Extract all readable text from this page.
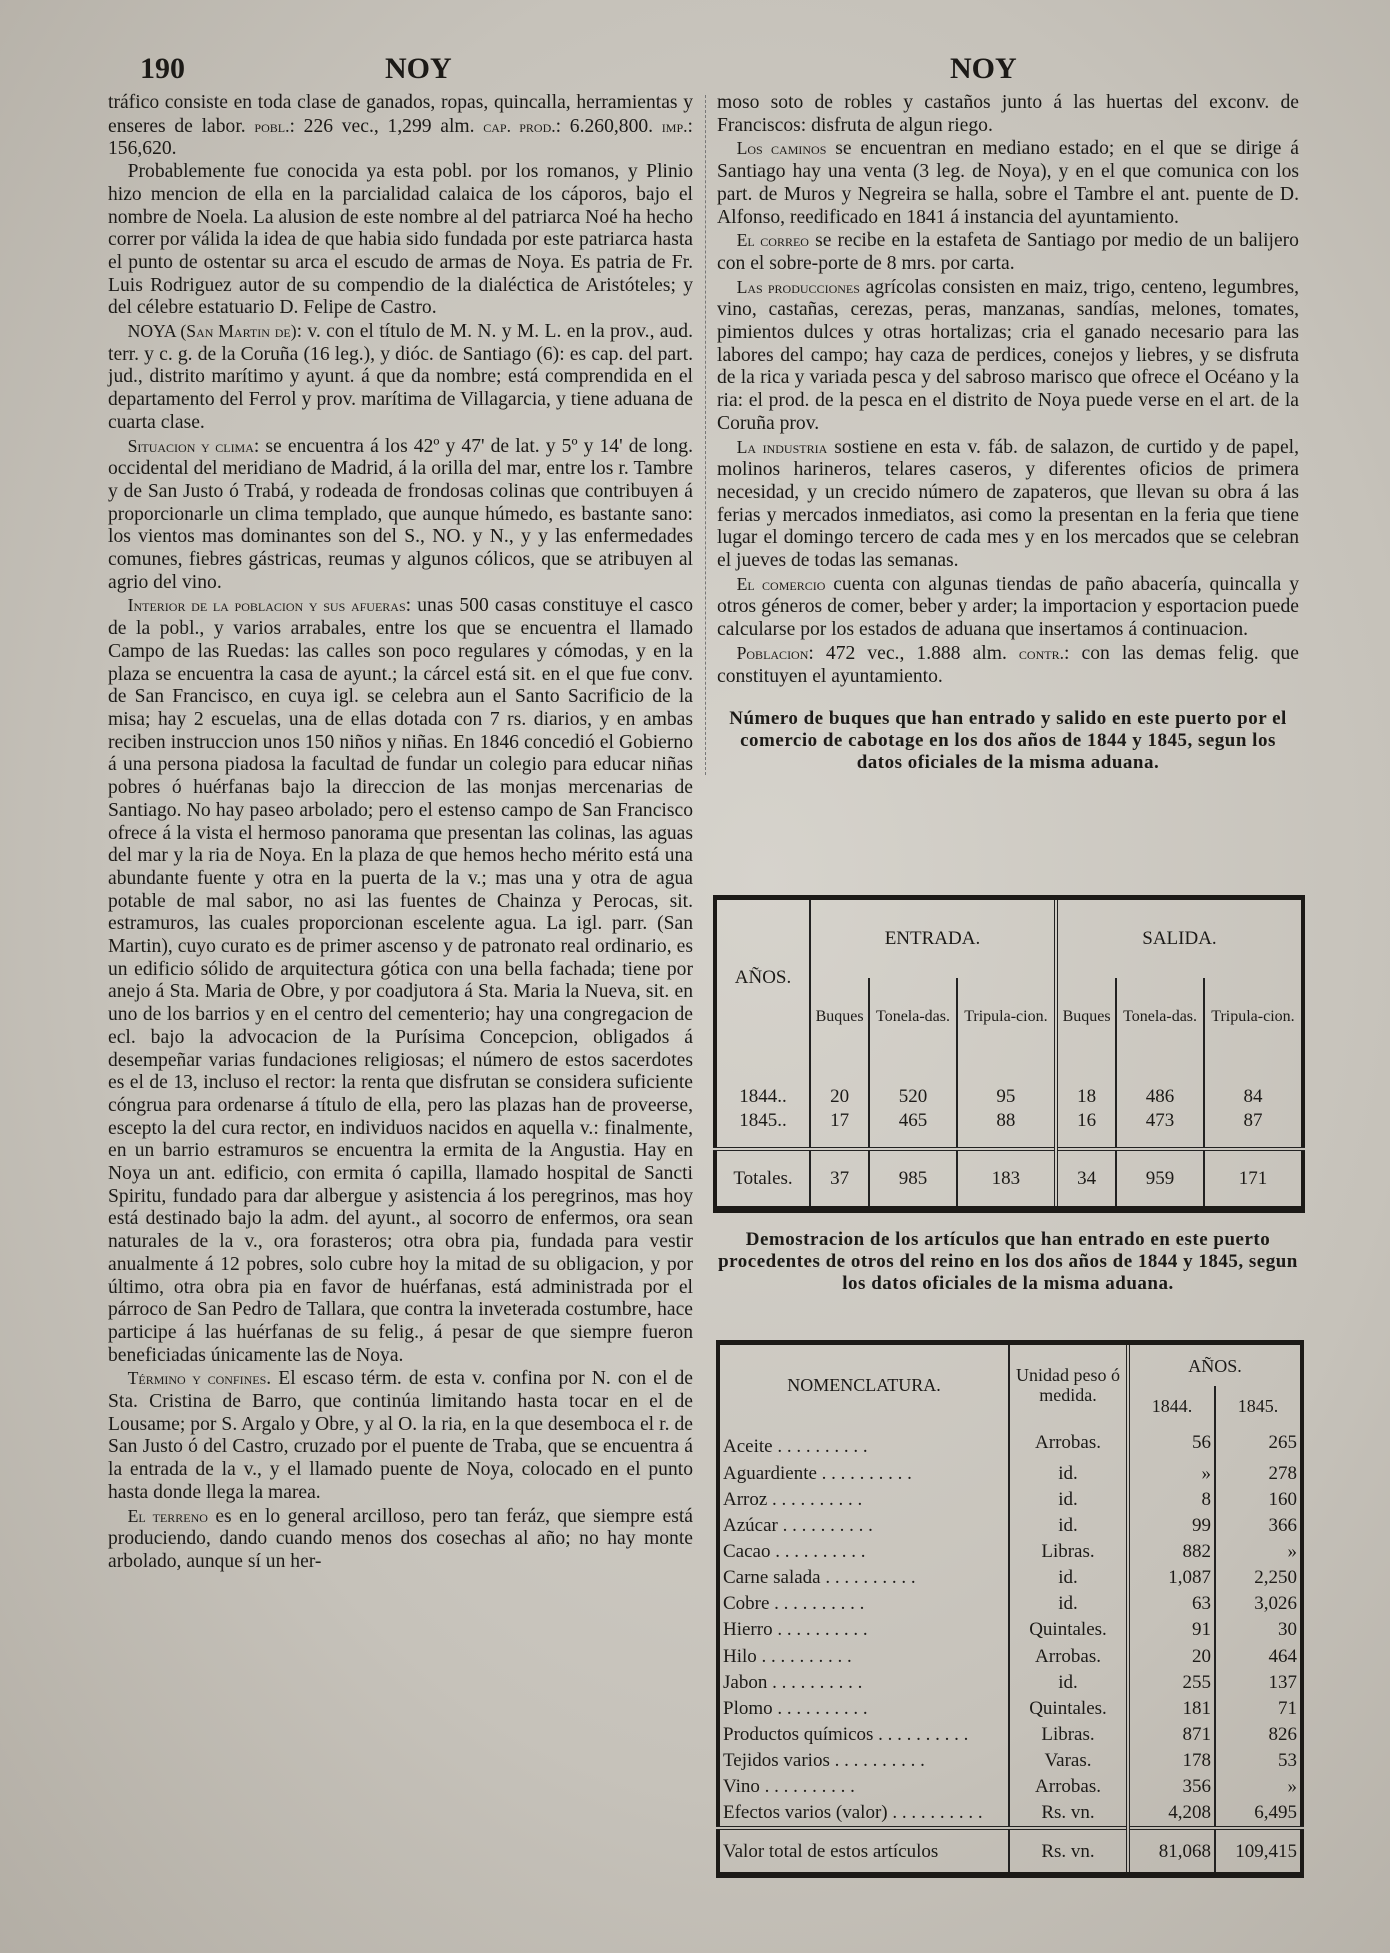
190	NOY	NOY

tráfico consiste en toda clase de ganados, ropas, quincalla, herramientas y enseres de labor. pobl.: 226 vec., 1,299 alm. cap. prod.: 6.260,800. imp.: 156,620.

 Probablemente fue conocida ya esta pobl. por los romanos, y Plinio hizo mencion de ella en la parcialidad calaica de los cáporos, bajo el nombre de Noela. La alusion de este nombre al del patriarca Noé ha hecho correr por válida la idea de que habia sido fundada por este patriarca hasta el punto de ostentar su arca el escudo de armas de Noya. Es patria de Fr. Luis Rodriguez autor de su compendio de la dialéctica de Aristóteles; y del célebre estatuario D. Felipe de Castro.

 NOYA (San Martin de): v. con el título de M. N. y M. L. en la prov., aud. terr. y c. g. de la Coruña (16 leg.), y dióc. de Santiago (6): es cap. del part. jud., distrito marítimo y ayunt. á que da nombre; está comprendida en el departamento del Ferrol y prov. marítima de Villagarcia, y tiene aduana de cuarta clase.

 Situacion y clima: se encuentra á los 42º y 47' de lat. y 5º y 14' de long. occidental del meridiano de Madrid, á la orilla del mar, entre los r. Tambre y de San Justo ó Trabá, y rodeada de frondosas colinas que contribuyen á proporcionarle un clima templado, que aunque húmedo, es bastante sano: los vientos mas dominantes son del S., NO. y N., y y las enfermedades comunes, fiebres gástricas, reumas y algunos cólicos, que se atribuyen al agrio del vino.

 Interior de la poblacion y sus afueras: unas 500 casas constituye el casco de la pobl., y varios arrabales, entre los que se encuentra el llamado Campo de las Ruedas: las calles son poco regulares y cómodas, y en la plaza se encuentra la casa de ayunt.; la cárcel está sit. en el que fue conv. de San Francisco, en cuya igl. se celebra aun el Santo Sacrificio de la misa; hay 2 escuelas, una de ellas dotada con 7 rs. diarios, y en ambas reciben instruccion unos 150 niños y niñas. En 1846 concedió el Gobierno á una persona piadosa la facultad de fundar un colegio para educar niñas pobres ó huérfanas bajo la direccion de las monjas mercenarias de Santiago. No hay paseo arbolado; pero el estenso campo de San Francisco ofrece á la vista el hermoso panorama que presentan las colinas, las aguas del mar y la ria de Noya. En la plaza de que hemos hecho mérito está una abundante fuente y otra en la puerta de la v.; mas una y otra de agua potable de mal sabor, no asi las fuentes de Chainza y Perocas, sit. estramuros, las cuales proporcionan escelente agua. La igl. parr. (San Martin), cuyo curato es de primer ascenso y de patronato real ordinario, es un edificio sólido de arquitectura gótica con una bella fachada; tiene por anejo á Sta. Maria de Obre, y por coadjutora á Sta. Maria la Nueva, sit. en uno de los barrios y en el centro del cementerio; hay una congregacion de ecl. bajo la advocacion de la Purísima Concepcion, obligados á desempeñar varias fundaciones religiosas; el número de estos sacerdotes es el de 13, incluso el rector: la renta que disfrutan se considera suficiente cóngrua para ordenarse á título de ella, pero las plazas han de proveerse, escepto la del cura rector, en individuos nacidos en aquella v.: finalmente, en un barrio estramuros se encuentra la ermita de la Angustia. Hay en Noya un ant. edificio, con ermita ó capilla, llamado hospital de Sancti Spiritu, fundado para dar albergue y asistencia á los peregrinos, mas hoy está destinado bajo la adm. del ayunt., al socorro de enfermos, ora sean naturales de la v., ora forasteros; otra obra pia, fundada para vestir anualmente á 12 pobres, solo cubre hoy la mitad de su obligacion, y por último, otra obra pia en favor de huérfanas, está administrada por el párroco de San Pedro de Tallara, que contra la inveterada costumbre, hace participe á las huérfanas de su felig., á pesar de que siempre fueron beneficiadas únicamente las de Noya.

 Término y confines. El escaso térm. de esta v. confina por N. con el de Sta. Cristina de Barro, que continúa limitando hasta tocar en el de Lousame; por S. Argalo y Obre, y al O. la ria, en la que desemboca el r. de San Justo ó del Castro, cruzado por el puente de Traba, que se encuentra á la entrada de la v., y el llamado puente de Noya, colocado en el punto hasta donde llega la marea.

 El terreno es en lo general arcilloso, pero tan feráz, que siempre está produciendo, dando cuando menos dos cosechas al año; no hay monte arbolado, aunque sí un her-

moso soto de robles y castaños junto á las huertas del exconv. de Franciscos: disfruta de algun riego.

 Los caminos se encuentran en mediano estado; en el que se dirige á Santiago hay una venta (3 leg. de Noya), y en el que comunica con los part. de Muros y Negreira se halla, sobre el Tambre el ant. puente de D. Alfonso, reedificado en 1841 á instancia del ayuntamiento.

 El correo se recibe en la estafeta de Santiago por medio de un balijero con el sobre-porte de 8 mrs. por carta.

 Las producciones agrícolas consisten en maiz, trigo, centeno, legumbres, vino, castañas, cerezas, peras, manzanas, sandías, melones, tomates, pimientos dulces y otras hortalizas; cria el ganado necesario para las labores del campo; hay caza de perdices, conejos y liebres, y se disfruta de la rica y variada pesca y del sabroso marisco que ofrece el Océano y la ria: el prod. de la pesca en el distrito de Noya puede verse en el art. de la Coruña prov.

 La industria sostiene en esta v. fáb. de salazon, de curtido y de papel, molinos harineros, telares caseros, y diferentes oficios de primera necesidad, y un crecido número de zapateros, que llevan su obra á las ferias y mercados inmediatos, asi como la presentan en la feria que tiene lugar el domingo tercero de cada mes y en los mercados que se celebran el jueves de todas las semanas.

 El comercio cuenta con algunas tiendas de paño abacería, quincalla y otros géneros de comer, beber y arder; la importacion y esportacion puede calcularse por los estados de aduana que insertamos á continuacion.

 Poblacion: 472 vec., 1.888 alm. contr.: con las demas felig. que constituyen el ayuntamiento.

Número de buques que han entrado y salido en este puerto por el comercio de cabotage en los dos años de 1844 y 1845, segun los datos oficiales de la misma aduana.

AÑOS.	ENTRADA.			SALIDA.		
	Buques	Tonela-das.	Tripula-cion.	Buques	Tonela-das.	Tripula-cion.
1844..	20	520	95	18	486	84
1845..	17	465	88	16	473	87
Totales.	37	985	183	34	959	171

Demostracion de los artículos que han entrado en este puerto procedentes de otros del reino en los dos años de 1844 y 1845, segun los datos oficiales de la misma aduana.

NOMENCLATURA.	Unidad peso ó medida.	AÑOS.	
		1844.	1845.
Aceite . . . . . . . . . .	Arrobas.	56	265
Aguardiente . . . . . . . . . .	id.	»	278
Arroz . . . . . . . . . .	id.	8	160
Azúcar . . . . . . . . . .	id.	99	366
Cacao . . . . . . . . . .	Libras.	882	»
Carne salada . . . . . . . . . .	id.	1,087	2,250
Cobre . . . . . . . . . .	id.	63	3,026
Hierro . . . . . . . . . .	Quintales.	91	30
Hilo . . . . . . . . . .	Arrobas.	20	464
Jabon . . . . . . . . . .	id.	255	137
Plomo . . . . . . . . . .	Quintales.	181	71
Productos químicos . . . . . . . . . .	Libras.	871	826
Tejidos varios . . . . . . . . . .	Varas.	178	53
Vino . . . . . . . . . .	Arrobas.	356	»
Efectos varios (valor) . . . . . . . . . .	Rs. vn.	4,208	6,495
Valor total de estos artículos	Rs. vn.	81,068	109,415
